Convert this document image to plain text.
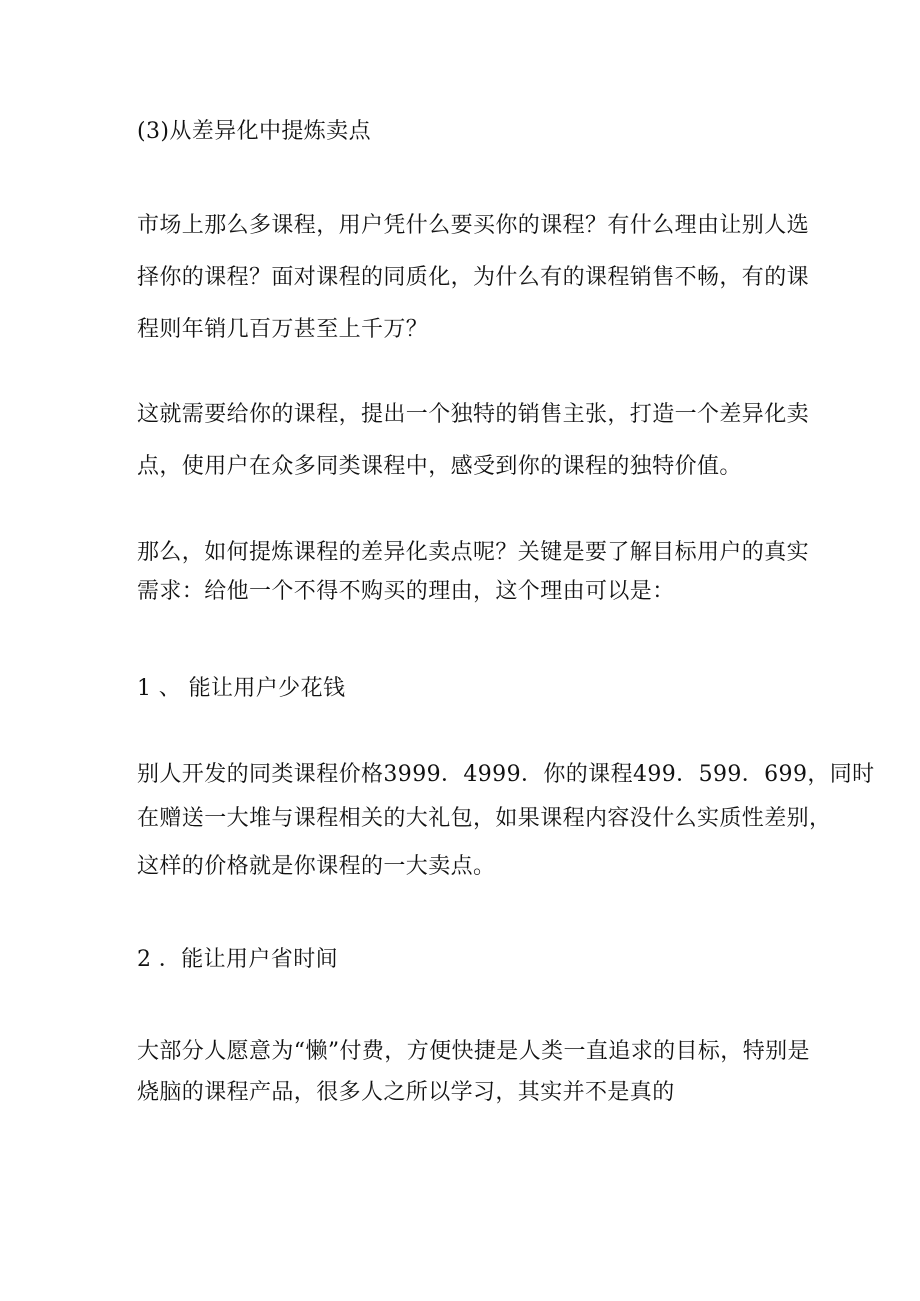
(3)从差异化中提炼卖点

市场上那么多课程，用户凭什么要买你的课程？有什么理由让别人选

择你的课程？面对课程的同质化，为什么有的课程销售不畅，有的课

程则年销几百万甚至上千万？

这就需要给你的课程，提出一个独特的销售主张，打造一个差异化卖

点，使用户在众多同类课程中，感受到你的课程的独特价值。

那么，如何提炼课程的差异化卖点呢？关键是要了解目标用户的真实

需求：给他一个不得不购买的理由，这个理由可以是：

1 、 能让用户少花钱

别人开发的同类课程价格3999．4999．你的课程499．599．699，同时

在赠送一大堆与课程相关的大礼包，如果课程内容没什么实质性差别，

这样的价格就是你课程的一大卖点。

2 ．能让用户省时间

大部分人愿意为“懒”付费，方便快捷是人类一直追求的目标，特别是

烧脑的课程产品，很多人之所以学习，其实并不是真的
